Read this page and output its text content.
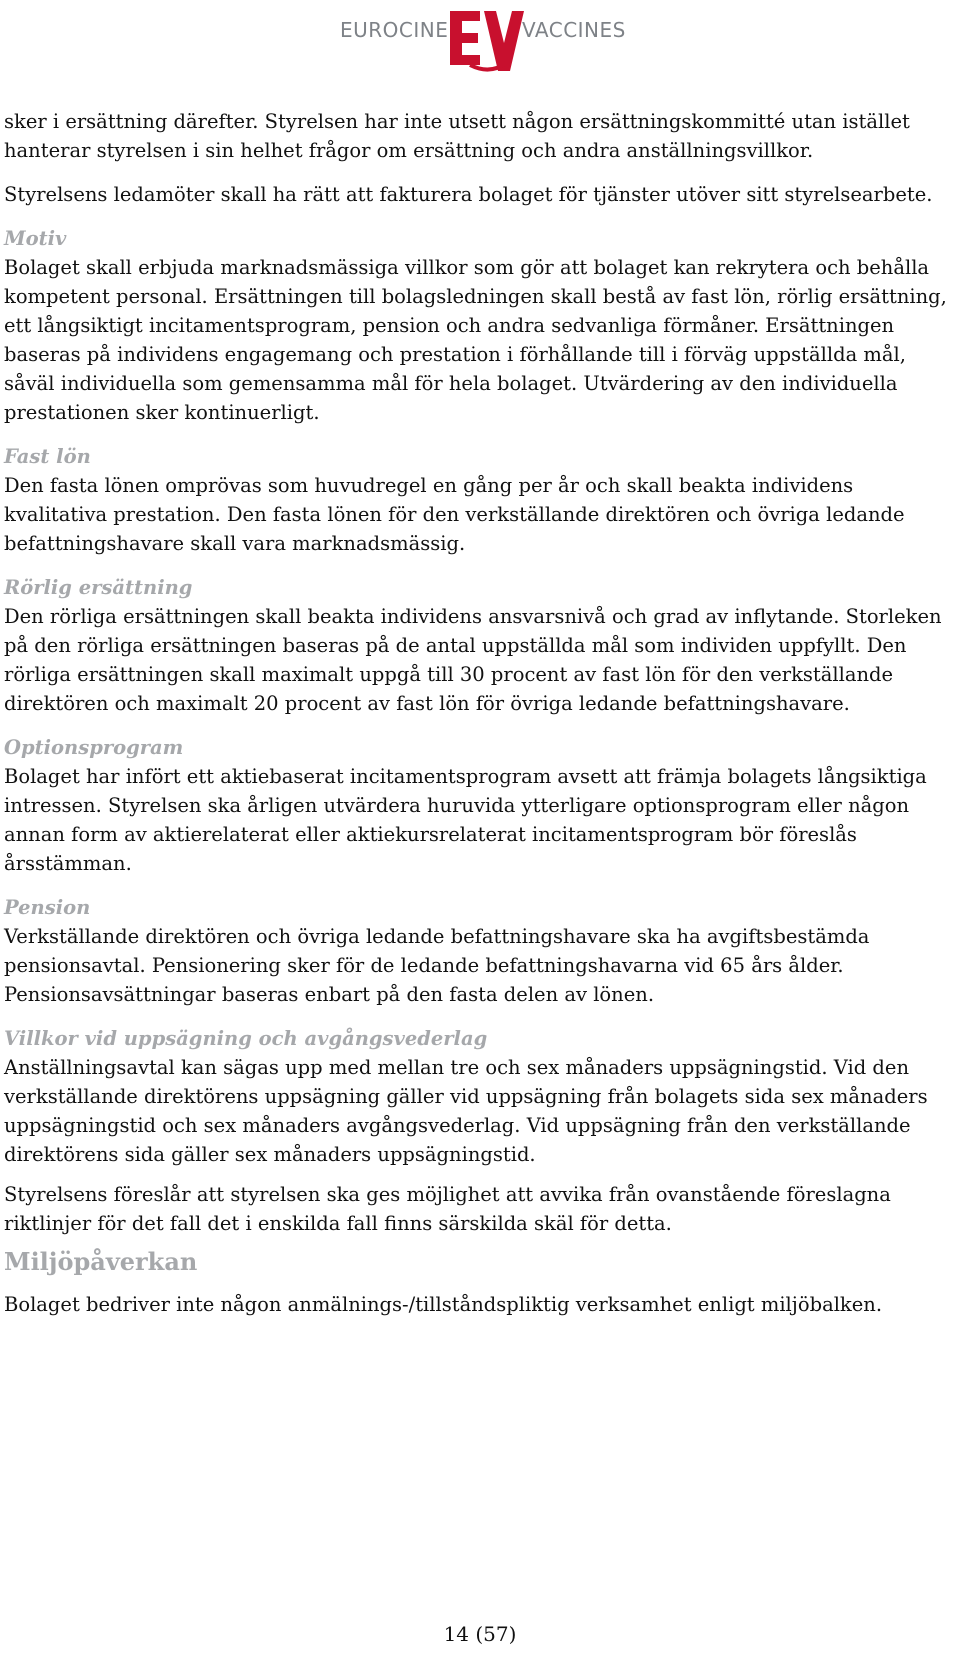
EUROCINE	VACCINES

sker i ersättning därefter. Styrelsen har inte utsett någon ersättningskommitté utan istället hanterar styrelsen i sin helhet frågor om ersättning och andra anställningsvillkor.

Styrelsens ledamöter skall ha rätt att fakturera bolaget för tjänster utöver sitt styrelsearbete.

Motiv
Bolaget skall erbjuda marknadsmässiga villkor som gör att bolaget kan rekrytera och behålla kompetent personal. Ersättningen till bolagsledningen skall bestå av fast lön, rörlig ersättning, ett långsiktigt incitamentsprogram, pension och andra sedvanliga förmåner. Ersättningen baseras på individens engagemang och prestation i förhållande till i förväg uppställda mål, såväl individuella som gemensamma mål för hela bolaget. Utvärdering av den individuella prestationen sker kontinuerligt.

Fast lön
Den fasta lönen omprövas som huvudregel en gång per år och skall beakta individens kvalitativa prestation. Den fasta lönen för den verkställande direktören och övriga ledande befattningshavare skall vara marknadsmässig.

Rörlig ersättning
Den rörliga ersättningen skall beakta individens ansvarsnivå och grad av inflytande. Storleken på den rörliga ersättningen baseras på de antal uppställda mål som individen uppfyllt. Den rörliga ersättningen skall maximalt uppgå till 30 procent av fast lön för den verkställande direktören och maximalt 20 procent av fast lön för övriga ledande befattningshavare.

Optionsprogram
Bolaget har infört ett aktiebaserat incitamentsprogram avsett att främja bolagets långsiktiga intressen. Styrelsen ska årligen utvärdera huruvida ytterligare optionsprogram eller någon annan form av aktierelaterat eller aktiekursrelaterat incitamentsprogram bör föreslås årsstämman.

Pension
Verkställande direktören och övriga ledande befattningshavare ska ha avgiftsbestämda pensionsavtal. Pensionering sker för de ledande befattningshavarna vid 65 års ålder. Pensionsavsättningar baseras enbart på den fasta delen av lönen.

Villkor vid uppsägning och avgångsvederlag
Anställningsavtal kan sägas upp med mellan tre och sex månaders uppsägningstid. Vid den verkställande direktörens uppsägning gäller vid uppsägning från bolagets sida sex månaders uppsägningstid och sex månaders avgångsvederlag. Vid uppsägning från den verkställande direktörens sida gäller sex månaders uppsägningstid.

Styrelsens föreslår att styrelsen ska ges möjlighet att avvika från ovanstående föreslagna riktlinjer för det fall det i enskilda fall finns särskilda skäl för detta.

Miljöpåverkan

Bolaget bedriver inte någon anmälnings-/tillståndspliktig verksamhet enligt miljöbalken.

14 (57)
